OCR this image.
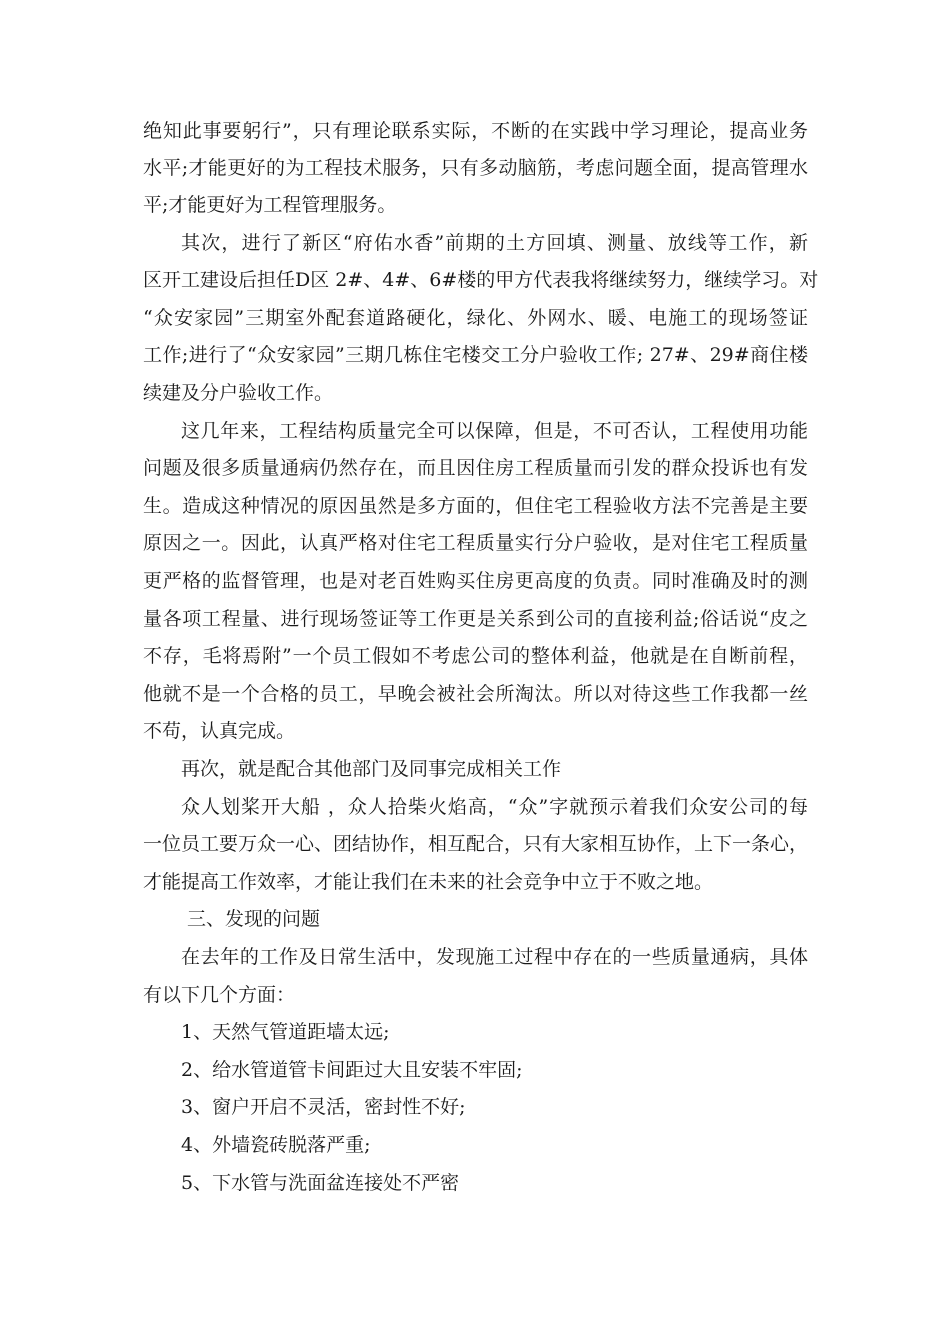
绝知此事要躬行”，只有理论联系实际，不断的在实践中学习理论，提高业务
水平;才能更好的为工程技术服务，只有多动脑筋，考虑问题全面，提高管理水
平;才能更好为工程管理服务。
其次，进行了新区“府佑水香”前期的土方回填、测量、放线等工作，新
区开工建设后担任D区 2#、4#、6#楼的甲方代表我将继续努力，继续学习。对
“众安家园”三期室外配套道路硬化，绿化、外网水、暖、电施工的现场签证
工作;进行了“众安家园”三期几栋住宅楼交工分户验收工作; 27#、29#商住楼
续建及分户验收工作。
这几年来，工程结构质量完全可以保障，但是，不可否认，工程使用功能
问题及很多质量通病仍然存在，而且因住房工程质量而引发的群众投诉也有发
生。造成这种情况的原因虽然是多方面的，但住宅工程验收方法不完善是主要
原因之一。因此，认真严格对住宅工程质量实行分户验收，是对住宅工程质量
更严格的监督管理，也是对老百姓购买住房更高度的负责。同时准确及时的测
量各项工程量、进行现场签证等工作更是关系到公司的直接利益;俗话说“皮之
不存，毛将焉附”一个员工假如不考虑公司的整体利益，他就是在自断前程，
他就不是一个合格的员工，早晚会被社会所淘汰。所以对待这些工作我都一丝
不苟，认真完成。
再次，就是配合其他部门及同事完成相关工作
众人划桨开大船 ，众人拾柴火焰高，“众”字就预示着我们众安公司的每
一位员工要万众一心、团结协作，相互配合，只有大家相互协作，上下一条心，
才能提高工作效率，才能让我们在未来的社会竞争中立于不败之地。
三、发现的问题
在去年的工作及日常生活中，发现施工过程中存在的一些质量通病，具体
有以下几个方面：
1、天然气管道距墙太远;
2、给水管道管卡间距过大且安装不牢固;
3、窗户开启不灵活，密封性不好;
4、外墙瓷砖脱落严重;
5、下水管与洗面盆连接处不严密
